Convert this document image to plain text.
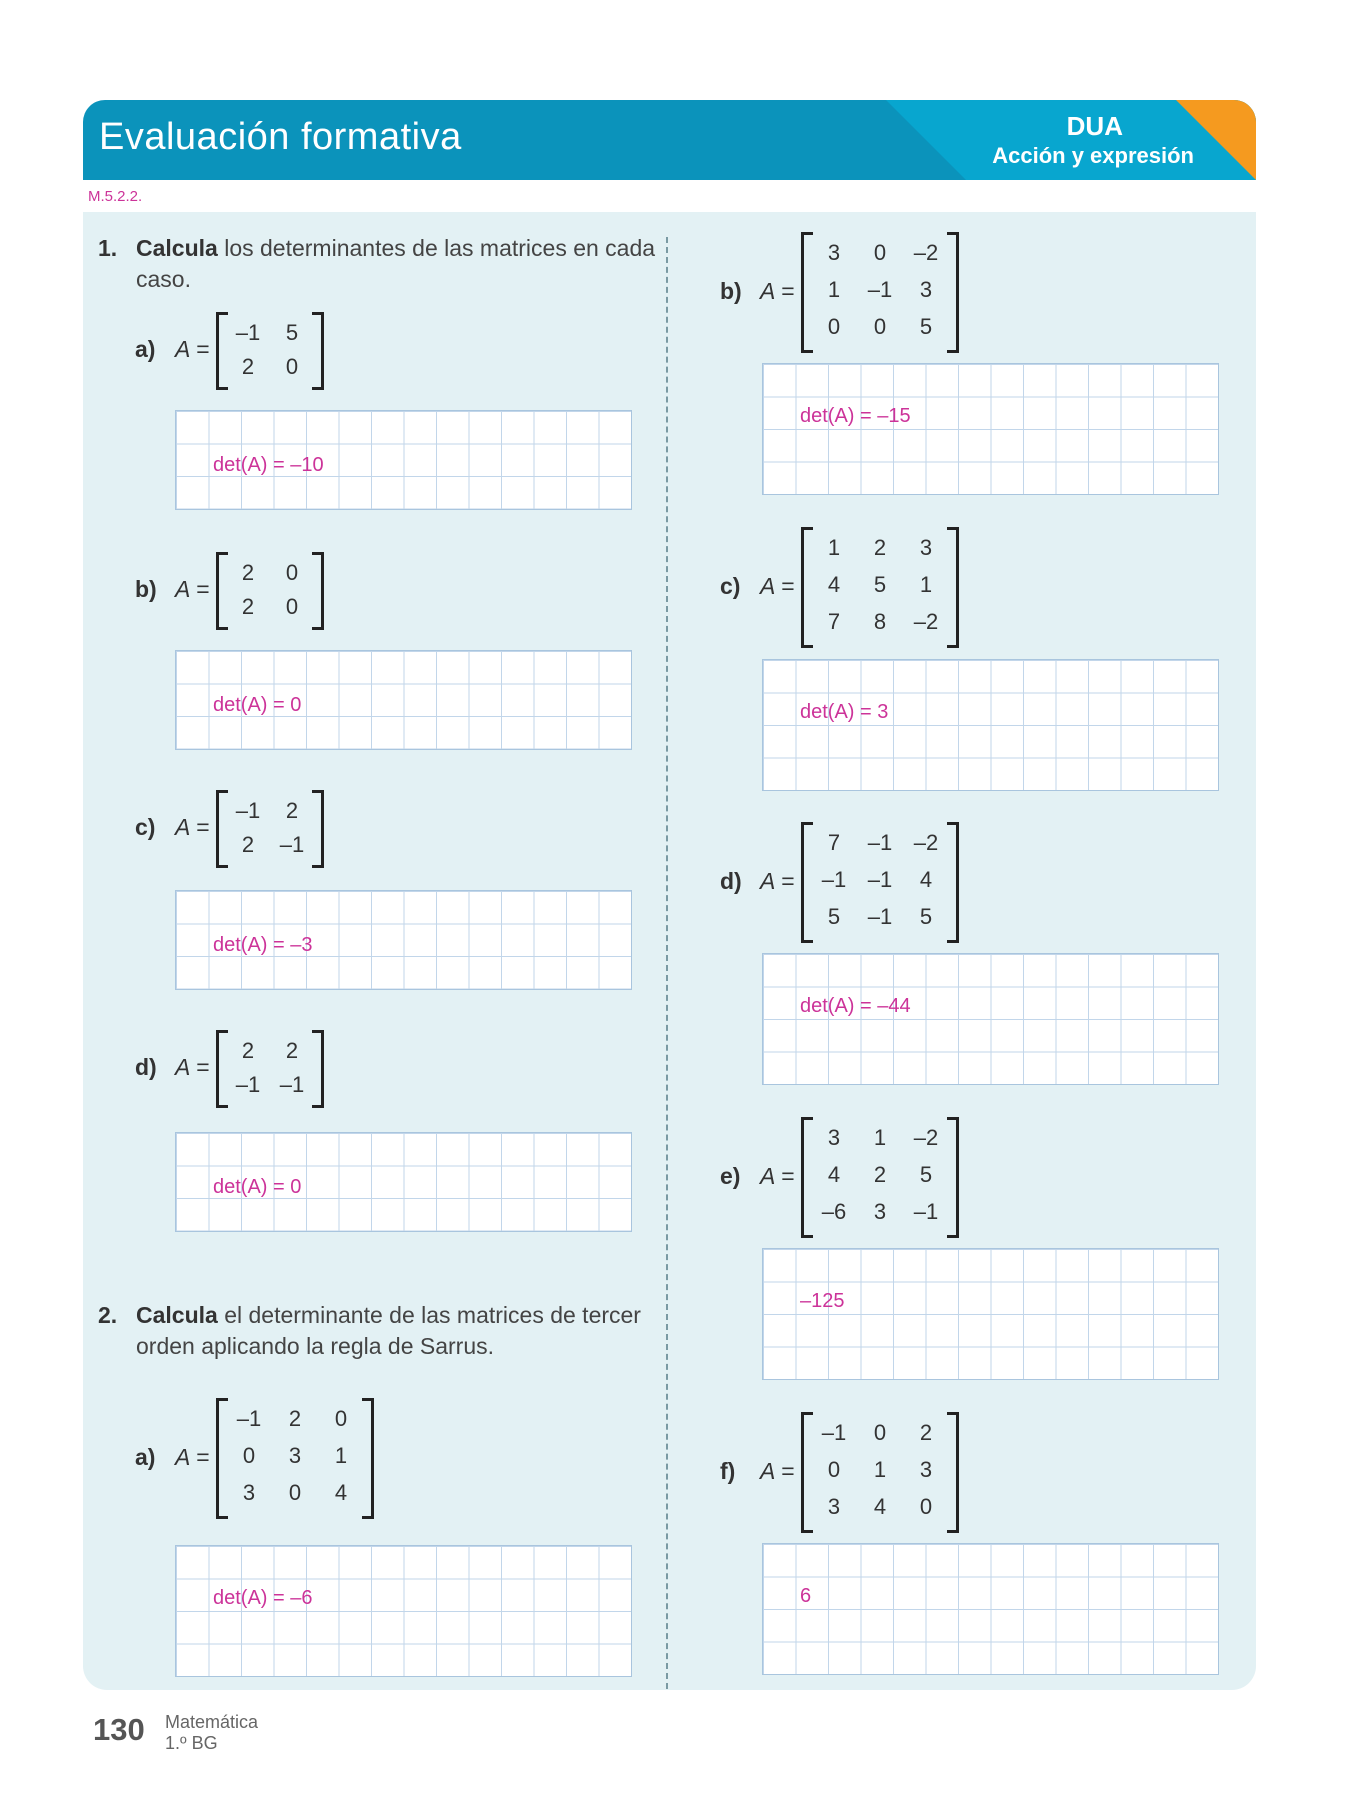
Evaluación formativa	DUA
Acción y expresión
M.5.2.2.
1. Calcula los determinantes de las matrices en cada
caso.
2. Calcula el determinante de las matrices de tercer
orden aplicando la regla de Sarrus.
a) A =
–1	5
2	0
det(A) = –10
b) A =
2	0
2	0
det(A) = 0
c) A =
–1	2
2	–1
det(A) = –3
d) A =
2	2
–1 –1
det(A) = 0
a) A =
–1	2	0
0	3	1
3	0	4
det(A) = –6
b) A =
3	0	–2
1	–1	3
0	0	5
det(A) = –15
c) A =
1	2	3
4	5	1
7	8	–2
det(A) = 3
d) A =
7	–1 –2
–1 –1	4
5	–1	5
det(A) = –44
e) A =
3	1	–2
4	2	5
–6	3	–1
–125
f) A =
–1	0	2
0	1	3
3	4	0
6
130 Matemática
1.º BG
